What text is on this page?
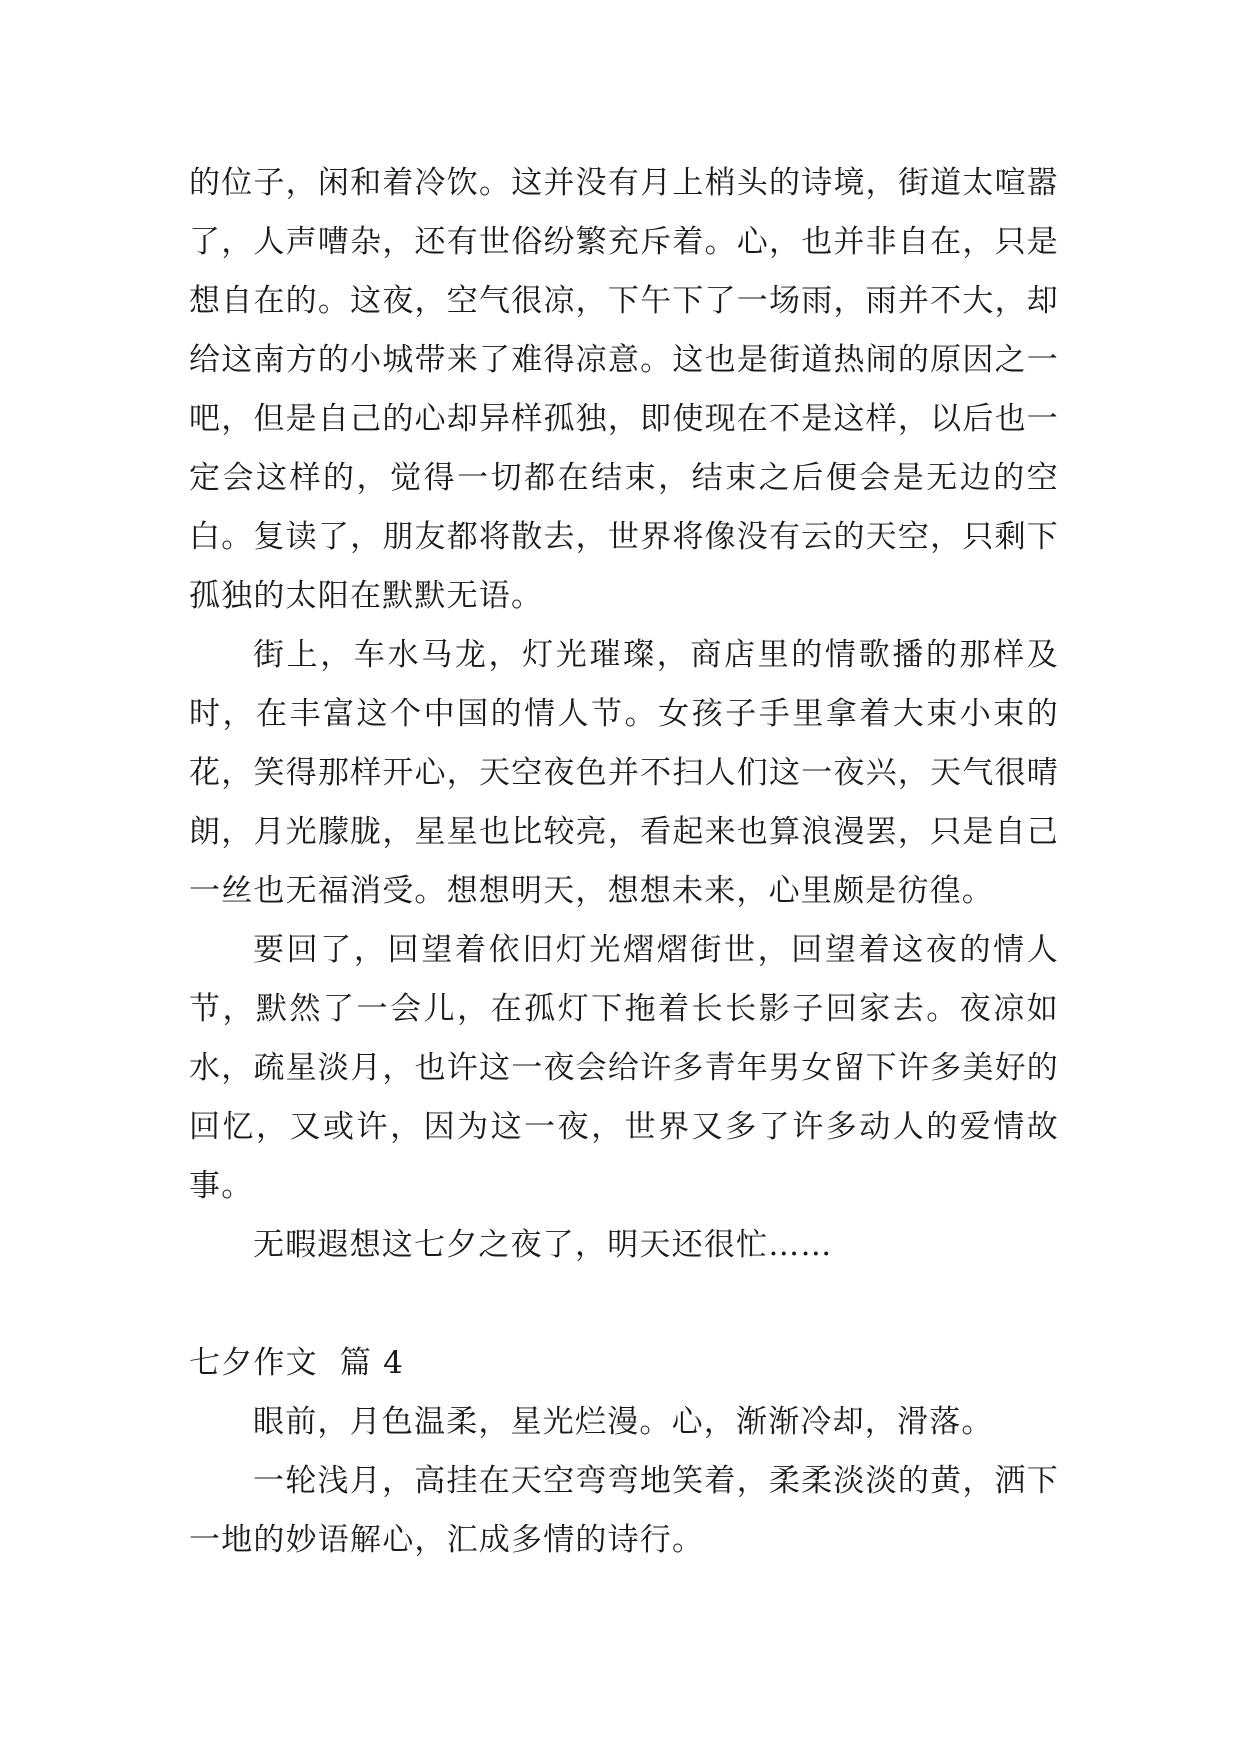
的位子，闲和着冷饮。这并没有月上梢头的诗境，街道太喧嚣了，人声嘈杂，还有世俗纷繁充斥着。心，也并非自在，只是想自在的。这夜，空气很凉，下午下了一场雨，雨并不大，却给这南方的小城带来了难得凉意。这也是街道热闹的原因之一吧，但是自己的心却异样孤独，即使现在不是这样，以后也一定会这样的，觉得一切都在结束，结束之后便会是无边的空白。复读了，朋友都将散去，世界将像没有云的天空，只剩下孤独的太阳在默默无语。

街上，车水马龙，灯光璀璨，商店里的情歌播的那样及时，在丰富这个中国的情人节。女孩子手里拿着大束小束的花，笑得那样开心，天空夜色并不扫人们这一夜兴，天气很晴朗，月光朦胧，星星也比较亮，看起来也算浪漫罢，只是自己一丝也无福消受。想想明天，想想未来，心里颇是彷徨。

要回了，回望着依旧灯光熠熠街世，回望着这夜的情人节，默然了一会儿，在孤灯下拖着长长影子回家去。夜凉如水，疏星淡月，也许这一夜会给许多青年男女留下许多美好的回忆，又或许，因为这一夜，世界又多了许多动人的爱情故事。

无暇遐想这七夕之夜了，明天还很忙……

七夕作文  篇 4

眼前，月色温柔，星光烂漫。心，渐渐冷却，滑落。

一轮浅月，高挂在天空弯弯地笑着，柔柔淡淡的黄，洒下一地的妙语解心，汇成多情的诗行。
